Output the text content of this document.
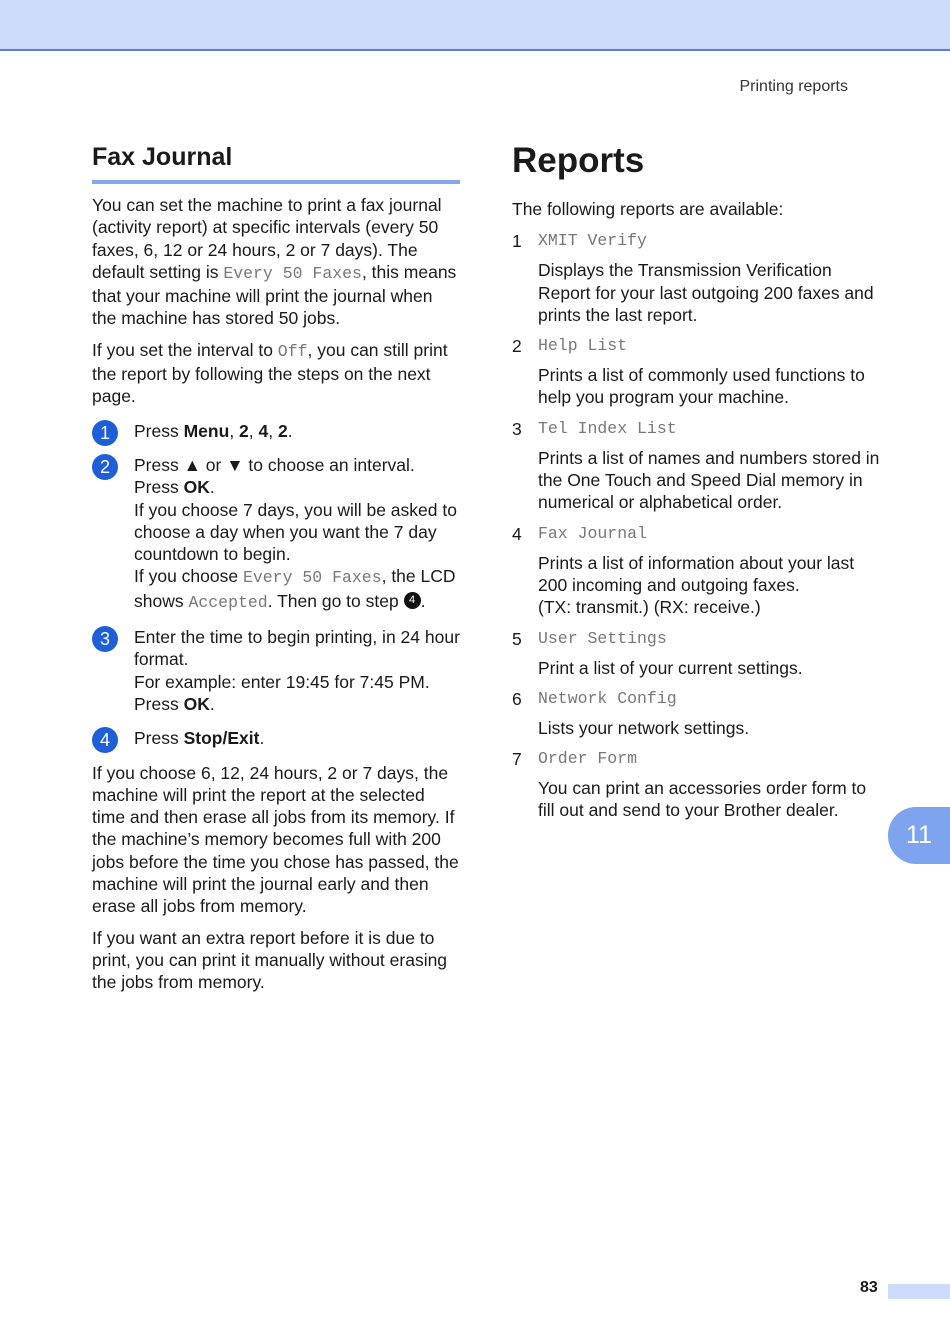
Printing reports
Fax Journal

You can set the machine to print a fax journal (activity report) at specific intervals (every 50 faxes, 6, 12 or 24 hours, 2 or 7 days). The default setting is Every 50 Faxes, this means that your machine will print the journal when the machine has stored 50 jobs.

If you set the interval to Off, you can still print the report by following the steps on the next page.

1	Press Menu, 2, 4, 2.

2	Press ▲ or ▼ to choose an interval.
Press OK.
If you choose 7 days, you will be asked to choose a day when you want the 7 day countdown to begin.
If you choose Every 50 Faxes, the LCD shows Accepted. Then go to step 4 .

3	Enter the time to begin printing, in 24 hour format.
For example: enter 19:45 for 7:45 PM.
Press OK.

4	Press Stop/Exit.

If you choose 6, 12, 24 hours, 2 or 7 days, the machine will print the report at the selected time and then erase all jobs from its memory. If the machine’s memory becomes full with 200 jobs before the time you chose has passed, the machine will print the journal early and then erase all jobs from memory.

If you want an extra report before it is due to print, you can print it manually without erasing the jobs from memory.

Reports

The following reports are available:

1 XMIT Verify

Displays the Transmission Verification Report for your last outgoing 200 faxes and prints the last report.

2 Help List

Prints a list of commonly used functions to help you program your machine.

3 Tel Index List

Prints a list of names and numbers stored in the One Touch and Speed Dial memory in numerical or alphabetical order.

4 Fax Journal

Prints a list of information about your last 200 incoming and outgoing faxes.

(TX: transmit.) (RX: receive.)

5 User Settings

Print a list of your current settings.

6 Network Config

Lists your network settings.

7 Order Form

You can print an accessories order form to fill out and send to your Brother dealer.

11
83
